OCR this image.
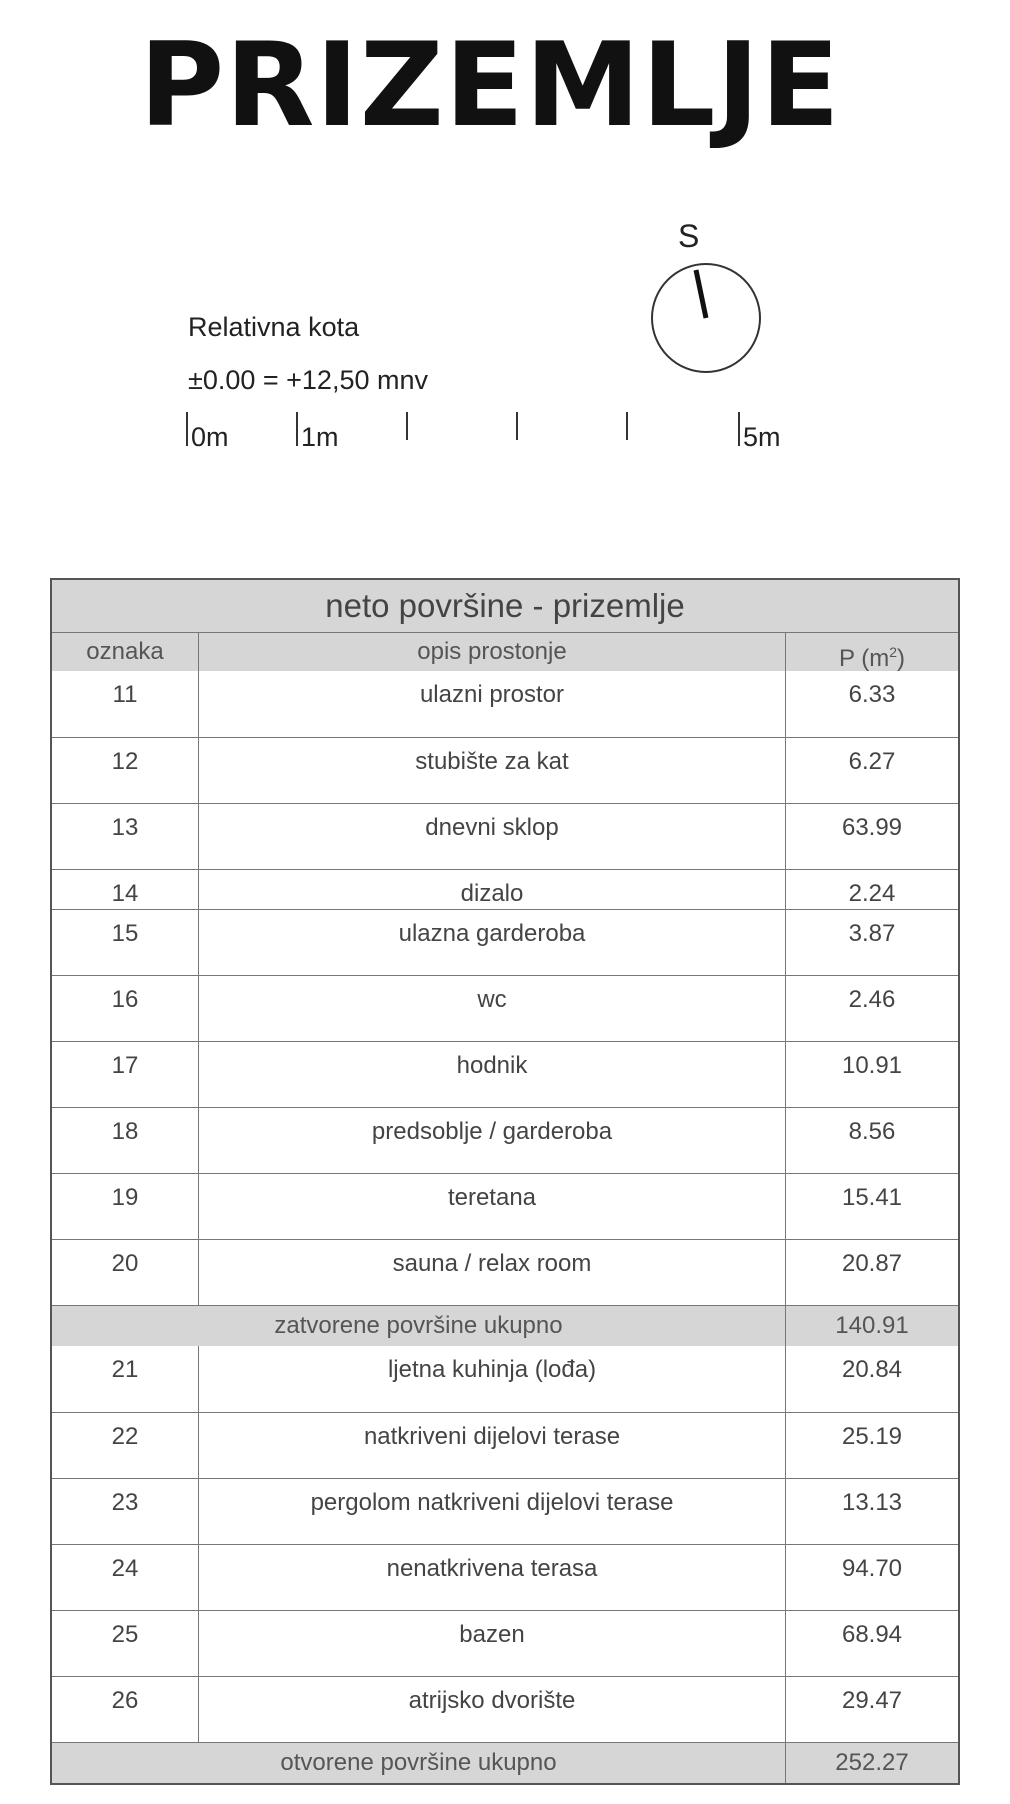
PRIZEMLJE
S
Relativna kota
±0.00 = +12,50 mnv
0m	1m	5m
neto površine - prizemlje
oznaka	opis prostonje	P $(m^2)$
11	ulazni prostor	6.33
12	stubište za kat	6.27
13	dnevni sklop	63.99
14	dizalo	2.24
15	ulazna garderoba	3.87
16	wc	2.46
17	hodnik	10.91
18	predsoblje / garderoba	8.56
19	teretana	15.41
20	sauna / relax room	20.87
zatvorene površine ukupno	140.91
21	ljetna kuhinja (lođa)	20.84
22	natkriveni dijelovi terase	25.19
23	pergolom natkriveni dijelovi terase	13.13
24	nenatkrivena terasa	94.70
25	bazen	68.94
26	atrijsko dvorište	29.47
otvorene površine ukupno	252.27
